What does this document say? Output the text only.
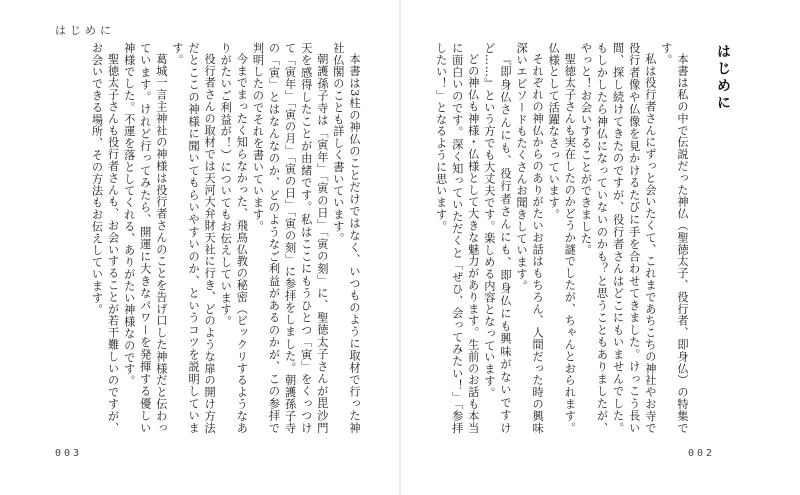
はじめに

本書は3柱の神仏のことだけではなく、いつものように取材で行った神社仏閣のことも詳しく書いています。

朝護孫子寺は「寅年」「寅の日」「寅の刻」に、聖徳太子さんが毘沙門天を感得したことが由緒です。私はここにもうひとつ「寅」をくっつけて「寅年」「寅の月」「寅の日」「寅の刻」に参拝をしました。朝護孫子寺の「寅」とはなんなのか、どのようなご利益があるのかが、この参拝で判明したのでそれを書いています。

今までまったく知らなかった、飛鳥仏教の秘密（ビックリするようなありがたいご利益が！）についてもお伝えしています。

役行者さんの取材では天河大弁財天社に行き、どのような扉の開け方法だとここの神様に聞いてもらいやすいのか、というコツを説明しています。

葛城一言主神社の神様は役行者さんのことを告げ口した神様だと伝わっています。けれど行ってみたら、開運に大きなパワーを発揮する優しい神様でした。不運を落としてくれる、ありがたい神様なのです。

聖徳太子さんも役行者さんも、お会いすることが若干難しいのですが、お会いできる場所、その方法もお伝えしています。

003
はじめに

本書は私の中で伝説だった神仏（聖徳太子、役行者、即身仏）の特集です。

私は役行者さんにずっと会いたくて、これまであちこちの神社やお寺で役行者像や仏像を見かけるたびに手を合わせてきました。けっこう長い間、探し続けてきたのですが、役行者さんはどこにもいませんでした。もしかしたら神仏になっていないのかも？と思うこともありましたが、やっと！お会いすることができました。

聖徳太子さんも実在したのかどうか謎でしたが、ちゃんとおられます。仏様として活躍なさっています。

それぞれの神仏からのありがたいお話はもちろん、人間だった時の興味深いエピソードもたくさんお聞きしています。

『即身仏さんにも、役行者さんにも、即身仏にも興味がないですけど……』という方でも大丈夫です。楽しめる内容となっています。

どの神仏も神様・仏様として大きな魅力があります。生前のお話も本当に面白いのです。深く知っていただくと「ぜひ、会ってみたい！」「参拝したい！」となるように思います。

002
